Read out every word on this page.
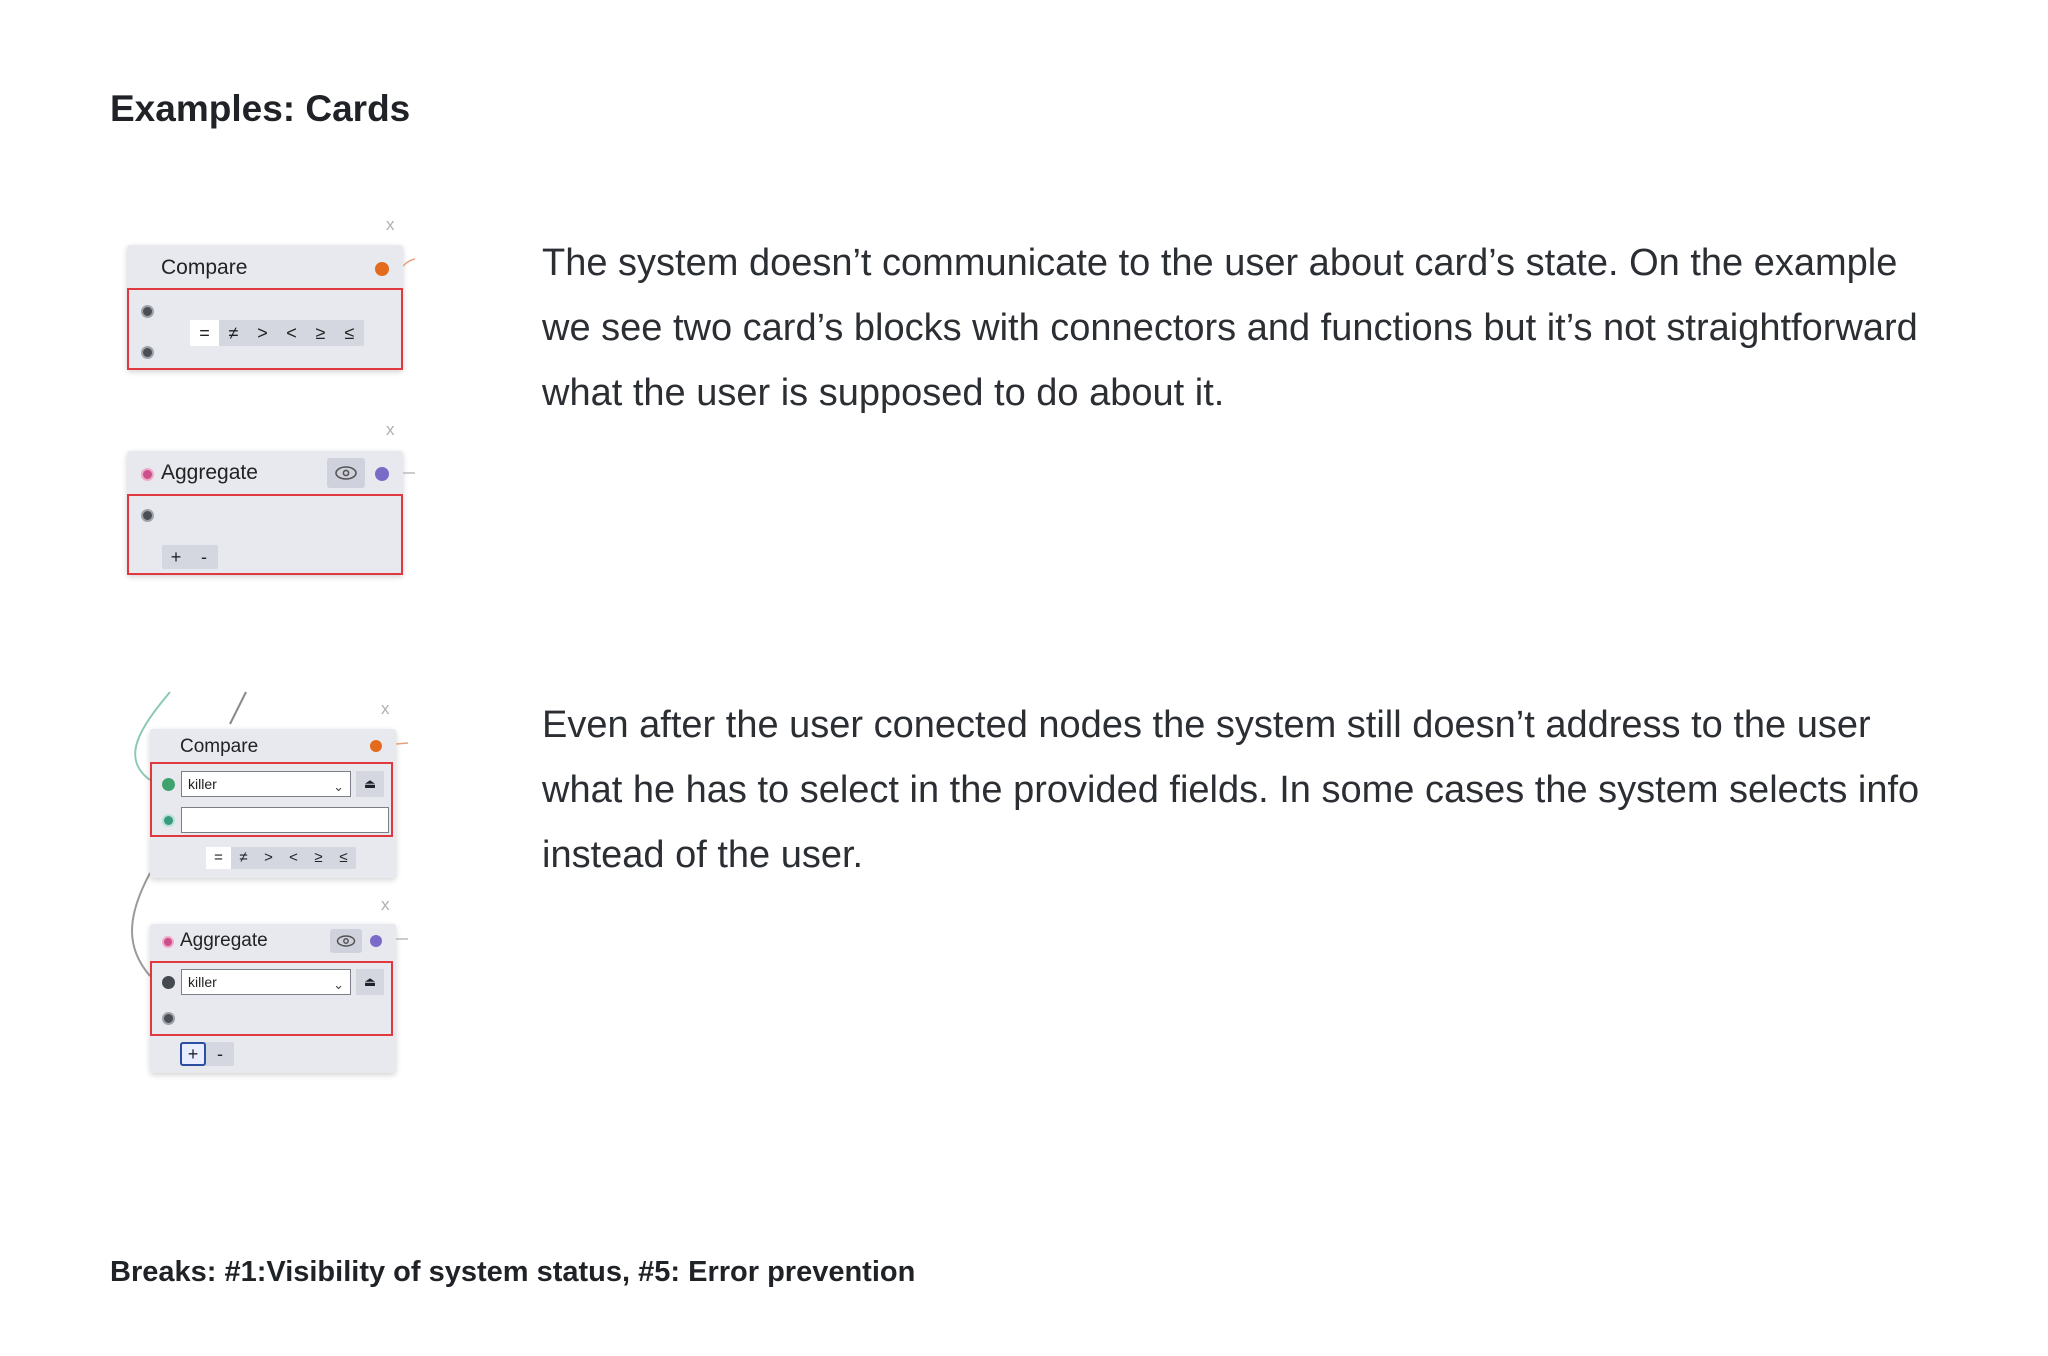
Examples: Cards

The system doesn’t communicate to the user about card’s state. On the example we see two card’s blocks with connectors and functions but it’s not straightforward what the user is supposed to do about it.

Even after the user conected nodes the system still doesn’t address to the user what he has to select in the provided fields. In some cases the system selects info instead of the user.

Breaks: #1:Visibility of system status, #5: Error prevention

x
Compare
=	≠	>	<	≥	≤
x
Aggregate
+	-
x
Compare
killer	⌄	⏏
=	≠	>	<	≥	≤
x
Aggregate
killer	⌄	⏏
+	-
